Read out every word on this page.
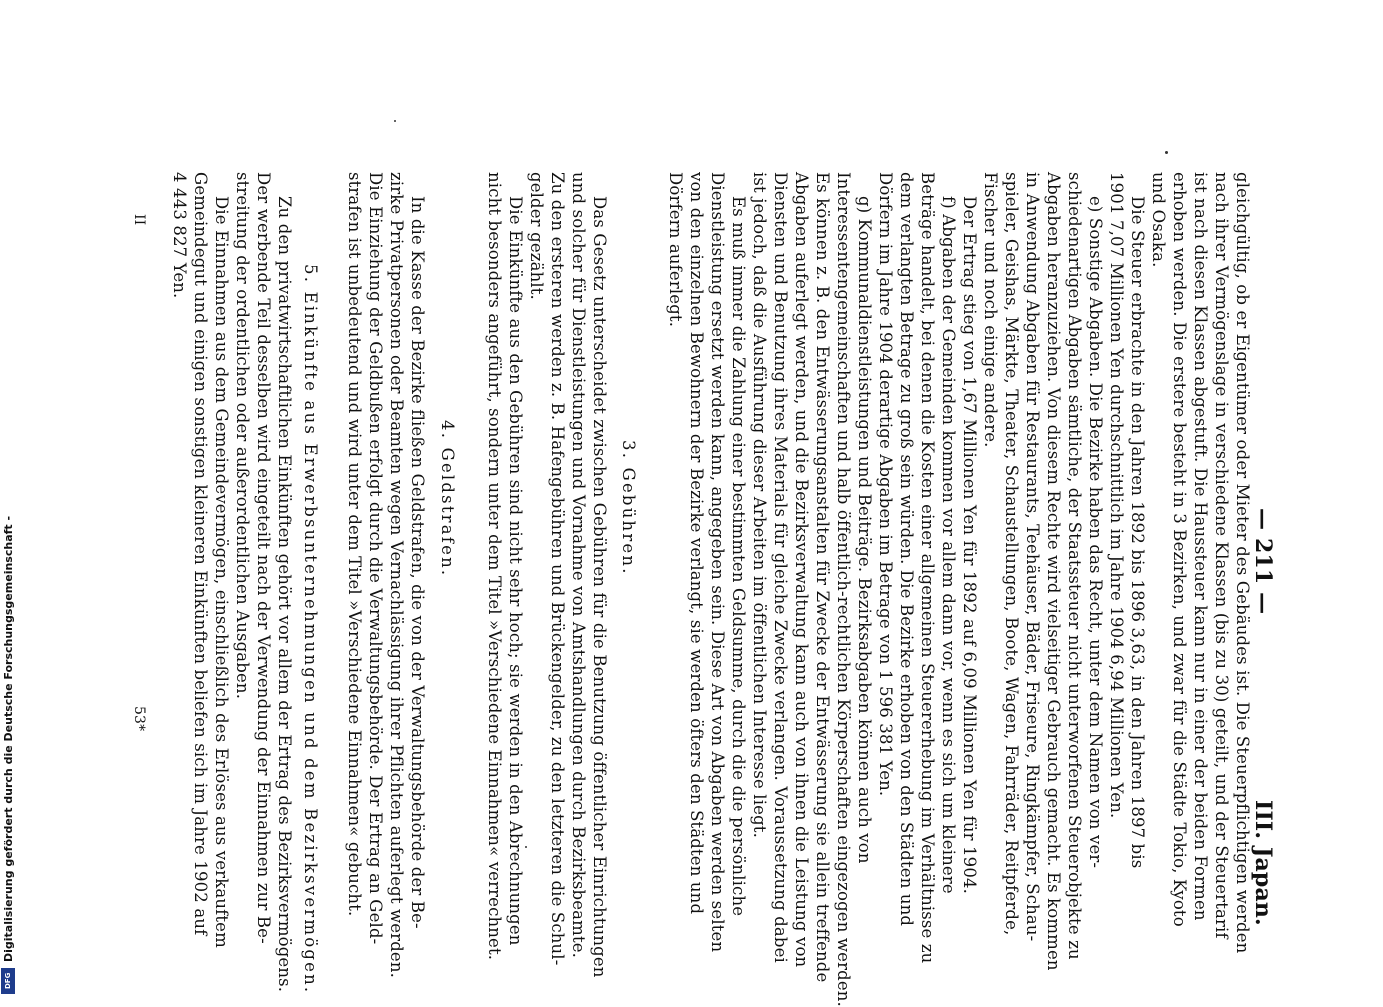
— 211 —
III. Japan.
gleichgültig, ob er Eigentümer oder Mieter des Gebäudes ist. Die Steuerpflichtigen werden
nach ihrer Vermögenslage in verschiedene Klassen (bis zu 30) geteilt, und der Steuertarif
ist nach diesen Klassen abgestuft. Die Haussteuer kann nur in einer der beiden Formen
erhoben werden. Die erstere besteht in 3 Bezirken, und zwar für die Städte Tokio, Kyoto
und Osaka.
Die Steuer erbrachte in den Jahren 1892 bis 1896 3,63, in den Jahren 1897 bis
1901 7,07 Millionen Yen durchschnittlich im Jahre 1904 6,94 Millionen Yen.
e) Sonstige Abgaben. Die Bezirke haben das Recht, unter dem Namen von ver-
schiedenartigen Abgaben sämtliche, der Staatssteuer nicht unterworfenen Steuerobjekte zu
Abgaben heranzuziehen. Von diesem Rechte wird vielseitiger Gebrauch gemacht. Es kommen
in Anwendung Abgaben für Restaurants, Teehäuser, Bäder, Friseure, Ringkämpfer, Schau-
spieler, Geishas, Märkte, Theater, Schaustellungen, Boote, Wagen, Fahrräder, Reitpferde,
Fischer und noch einige andere.
Der Ertrag stieg von 1,67 Millionen Yen für 1892 auf 6,09 Millionen Yen für 1904.
f) Abgaben der Gemeinden kommen vor allem dann vor, wenn es sich um kleinere
Beträge handelt, bei denen die Kosten einer allgemeinen Steuererhebung im Verhältnisse zu
dem verlangten Betrage zu groß sein würden. Die Bezirke erhoben von den Städten und
Dörfern im Jahre 1904 derartige Abgaben im Betrage von 1 596 381 Yen.
g) Kommunaldienstleistungen und Beiträge. Bezirksabgaben können auch von
Interessentengemeinschaften und halb öffentlich-rechtlichen Körperschaften eingezogen werden.
Es können z. B. den Entwässerungsanstalten für Zwecke der Entwässerung sie allein treffende
Abgaben auferlegt werden, und die Bezirksverwaltung kann auch von ihnen die Leistung von
Diensten und Benutzung ihres Materials für gleiche Zwecke verlangen. Voraussetzung dabei
ist jedoch, daß die Ausführung dieser Arbeiten im öffentlichen Interesse liegt.
Es muß immer die Zahlung einer bestimmten Geldsumme, durch die die persönliche
Dienstleistung ersetzt werden kann, angegeben sein. Diese Art von Abgaben werden selten
von den einzelnen Bewohnern der Bezirke verlangt, sie werden öfters den Städten und
Dörfern auferlegt.
3. Gebühren.
Das Gesetz unterscheidet zwischen Gebühren für die Benutzung öffentlicher Einrichtungen
und solcher für Dienstleistungen und Vornahme von Amtshandlungen durch Bezirksbeamte.
Zu den ersteren werden z. B. Hafengebühren und Brückengelder, zu den letzteren die Schul-
gelder gezählt.
Die Einkünfte aus den Gebühren sind nicht sehr hoch; sie werden in den Abrechnungen
nicht besonders angeführt, sondern unter dem Titel »Verschiedene Einnahmen« verrechnet.
4. Geldstrafen.
In die Kasse der Bezirke fließen Geldstrafen, die von der Verwaltungsbehörde der Be-
zirke Privatpersonen oder Beamten wegen Vernachlässigung ihrer Pflichten auferlegt werden.
Die Einziehung der Geldbußen erfolgt durch die Verwaltungsbehörde. Der Ertrag an Geld-
strafen ist unbedeutend und wird unter dem Titel »Verschiedene Einnahmen« gebucht.
5. Einkünfte aus Erwerbsunternehmungen und dem Bezirksvermögen.
Zu den privatwirtschaftlichen Einkünften gehört vor allem der Ertrag des Bezirksvermögens.
Der werbende Teil desselben wird eingeteilt nach der Verwendung der Einnahmen zur Be-
streitung der ordentlichen oder außerordentlichen Ausgaben.
Die Einnahmen aus dem Gemeindevermögen, einschließlich des Erlöses aus verkauftem
Gemeindegut und einigen sonstigen kleineren Einkünften beliefen sich im Jahre 1902 auf
4 443 827 Yen.
II
53*
Digitalisierung gefördert durch die Deutsche Forschungsgemeinschaft -
DFG
